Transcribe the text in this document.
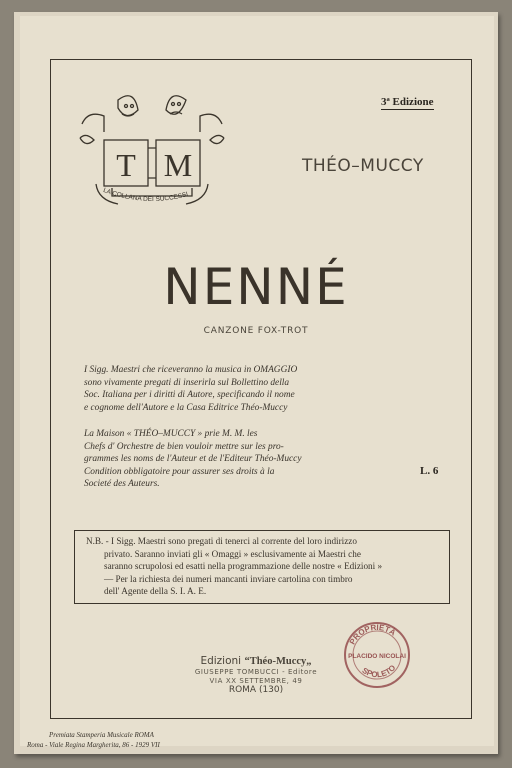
3ª Edizione
T M
LA COLLANA DEI SUCCESSI
THÉO–MUCCY
NENNÉ
CANZONE FOX-TROT
I Sigg. Maestri che riceveranno la musica in OMAGGIO
sono vivamente pregati di inserirla sul Bollettino della
Soc. Italiana per i diritti di Autore, specificando il nome
e cognome dell'Autore e la Casa Editrice Théo-Muccy
La Maison « THÉO–MUCCY » prie M. M. les
Chefs d' Orchestre de bien vouloir mettre sur les pro-
grammes les noms de l'Auteur et de l'Editeur Théo-Muccy
Condition obbligatoire pour assurer ses droits à la
Societé des Auteurs.
L. 6
N.B. - I Sigg. Maestri sono pregati di tenerci al corrente del loro indirizzo
privato. Saranno inviati gli « Omaggi » esclusivamente ai Maestri che
saranno scrupolosi ed esatti nella programmazione delle nostre « Edizioni »
— Per la richiesta dei numeri mancanti inviare cartolina con timbro
dell' Agente della S. I. A. E.
Edizioni “Théo-Muccy„
GIUSEPPE TOMBUCCI - Editore
VIA XX SETTEMBRE, 49
ROMA (130)
PROPRIETÀ
PLACIDO NICOLAI
SPOLETO
Premiata Stamperia Musicale ROMA
Roma - Viale Regina Margherita, 86 - 1929 VII
